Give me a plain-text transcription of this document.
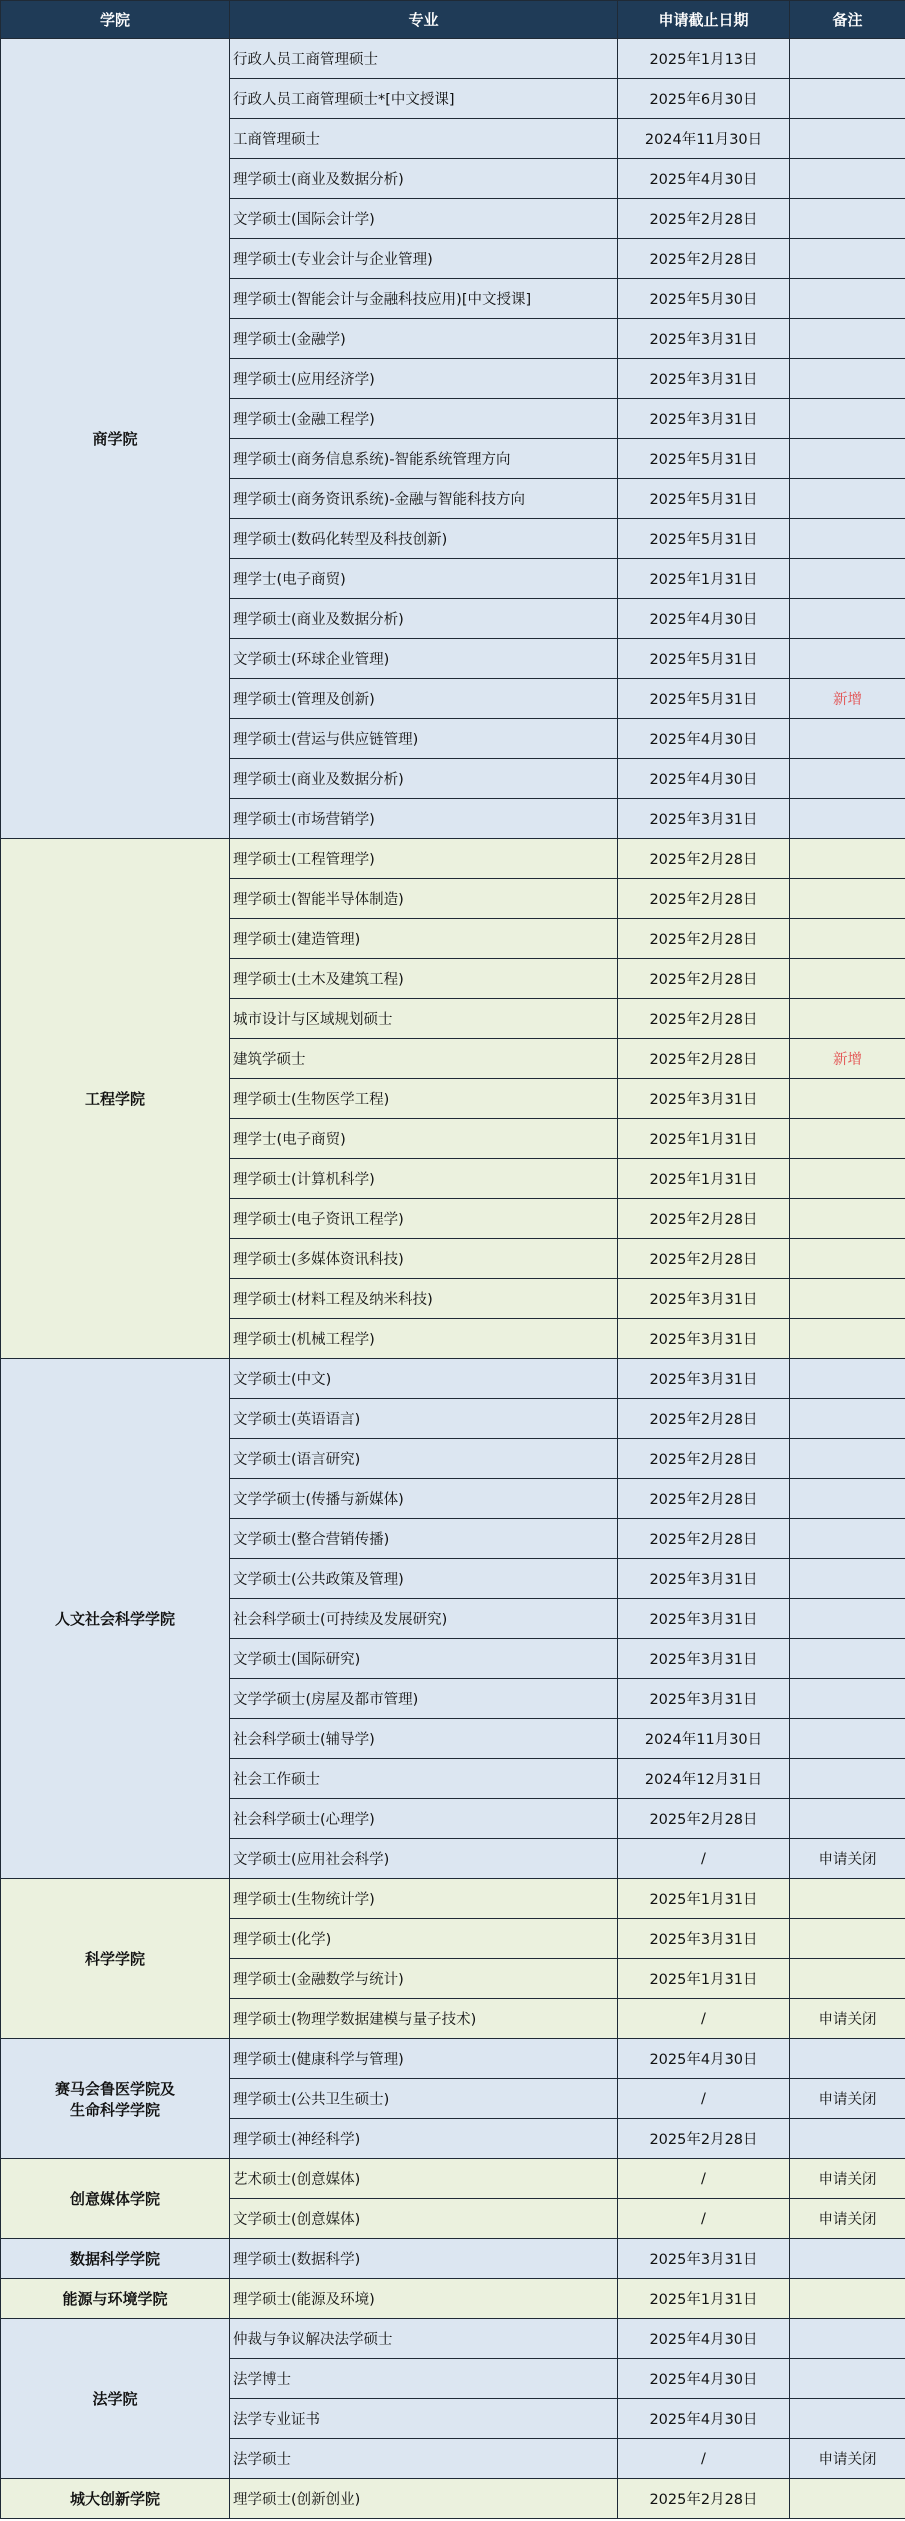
学院	专业	申请截止日期	备注
商学院	行政人员工商管理硕士	2025年1月13日	
	行政人员工商管理硕士*[中文授课]	2025年6月30日	
	工商管理硕士	2024年11月30日	
	理学硕士(商业及数据分析)	2025年4月30日	
	文学硕士(国际会计学)	2025年2月28日	
	理学硕士(专业会计与企业管理)	2025年2月28日	
	理学硕士(智能会计与金融科技应用)[中文授课]	2025年5月30日	
	理学硕士(金融学)	2025年3月31日	
	理学硕士(应用经济学)	2025年3月31日	
	理学硕士(金融工程学)	2025年3月31日	
	理学硕士(商务信息系统)-智能系统管理方向	2025年5月31日	
	理学硕士(商务资讯系统)-金融与智能科技方向	2025年5月31日	
	理学硕士(数码化转型及科技创新)	2025年5月31日	
	理学士(电子商贸)	2025年1月31日	
	理学硕士(商业及数据分析)	2025年4月30日	
	文学硕士(环球企业管理)	2025年5月31日	
	理学硕士(管理及创新)	2025年5月31日	新增
	理学硕士(营运与供应链管理)	2025年4月30日	
	理学硕士(商业及数据分析)	2025年4月30日	
	理学硕士(市场营销学)	2025年3月31日	
工程学院	理学硕士(工程管理学)	2025年2月28日	
	理学硕士(智能半导体制造)	2025年2月28日	
	理学硕士(建造管理)	2025年2月28日	
	理学硕士(土木及建筑工程)	2025年2月28日	
	城市设计与区域规划硕士	2025年2月28日	
	建筑学硕士	2025年2月28日	新增
	理学硕士(生物医学工程)	2025年3月31日	
	理学士(电子商贸)	2025年1月31日	
	理学硕士(计算机科学)	2025年1月31日	
	理学硕士(电子资讯工程学)	2025年2月28日	
	理学硕士(多媒体资讯科技)	2025年2月28日	
	理学硕士(材料工程及纳米科技)	2025年3月31日	
	理学硕士(机械工程学)	2025年3月31日	
人文社会科学学院	文学硕士(中文)	2025年3月31日	
	文学硕士(英语语言)	2025年2月28日	
	文学硕士(语言研究)	2025年2月28日	
	文学学硕士(传播与新媒体)	2025年2月28日	
	文学硕士(整合营销传播)	2025年2月28日	
	文学硕士(公共政策及管理)	2025年3月31日	
	社会科学硕士(可持续及发展研究)	2025年3月31日	
	文学硕士(国际研究)	2025年3月31日	
	文学学硕士(房屋及都市管理)	2025年3月31日	
	社会科学硕士(辅导学)	2024年11月30日	
	社会工作硕士	2024年12月31日	
	社会科学硕士(心理学)	2025年2月28日	
	文学硕士(应用社会科学)	/	申请关闭
科学学院	理学硕士(生物统计学)	2025年1月31日	
	理学硕士(化学)	2025年3月31日	
	理学硕士(金融数学与统计)	2025年1月31日	
	理学硕士(物理学数据建模与量子技术)	/	申请关闭

赛马会鲁医学院及
生命科学学院	理学硕士(健康科学与管理)	2025年4月30日	
	理学硕士(公共卫生硕士)	/	申请关闭
	理学硕士(神经科学)	2025年2月28日	
创意媒体学院	艺术硕士(创意媒体)	/	申请关闭
	文学硕士(创意媒体)	/	申请关闭
数据科学学院	理学硕士(数据科学)	2025年3月31日	
能源与环境学院	理学硕士(能源及环境)	2025年1月31日	
法学院	仲裁与争议解决法学硕士	2025年4月30日	
	法学博士	2025年4月30日	
	法学专业证书	2025年4月30日	
	法学硕士	/	申请关闭
城大创新学院	理学硕士(创新创业)	2025年2月28日	
